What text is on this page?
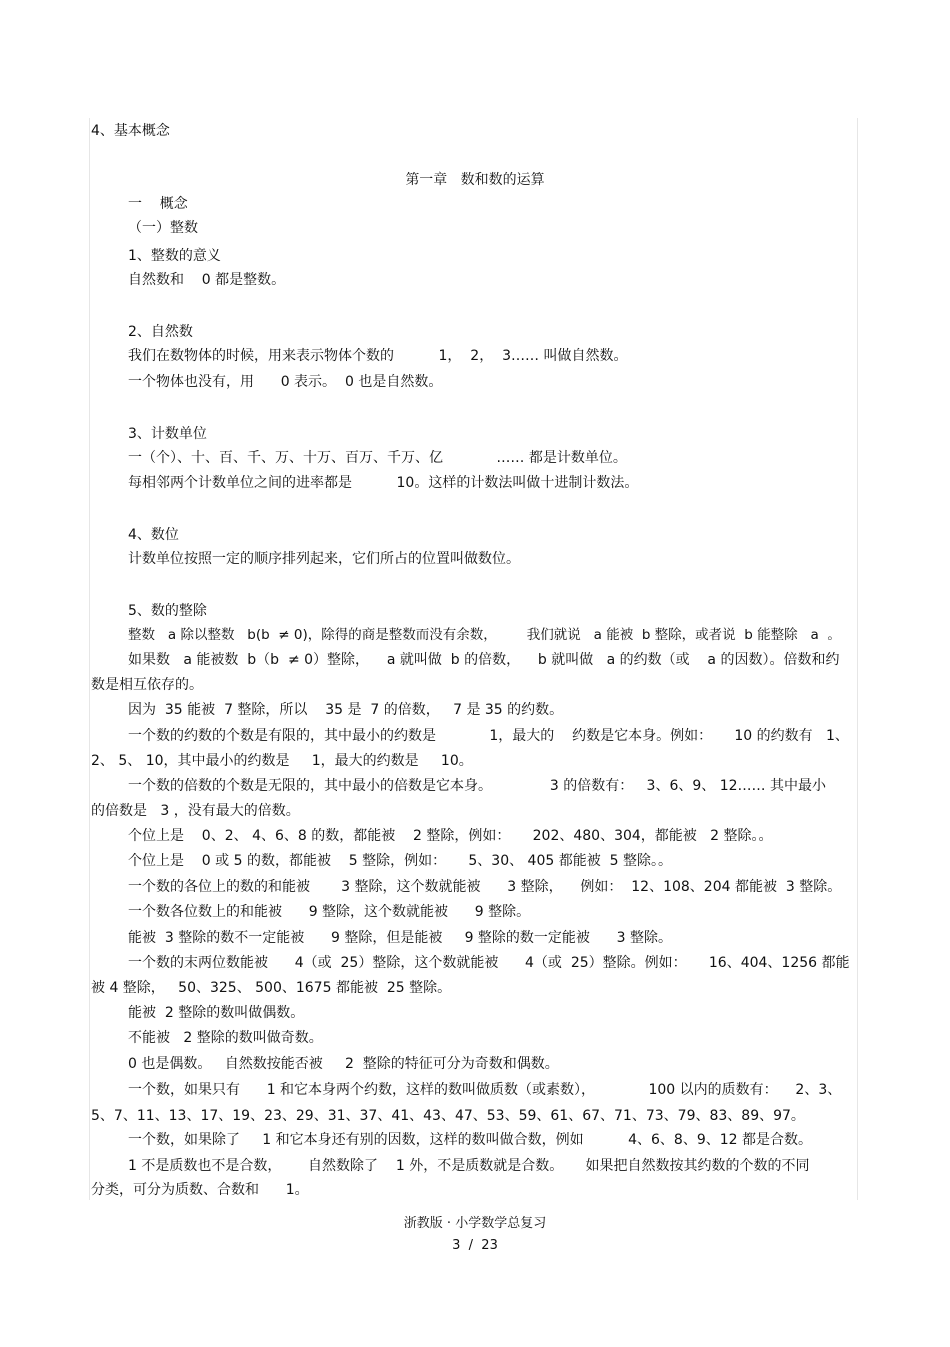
4、基本概念
第一章   数和数的运算
一    概念
（一）整数
1、整数的意义
自然数和    0 都是整数。
2、自然数
我们在数物体的时候，用来表示物体个数的          1，  2，  3…… 叫做自然数。
一个物体也没有，用      0 表示。  0 也是自然数。
3、计数单位
一（个）、十、百、千、万、十万、百万、千万、亿            …… 都是计数单位。
每相邻两个计数单位之间的进率都是          10。这样的计数法叫做十进制计数法。
4、数位
计数单位按照一定的顺序排列起来，它们所占的位置叫做数位。
5、数的整除
整数   a 除以整数   b(b  ≠ 0)，除得的商是整数而没有余数，       我们就说   a 能被  b 整除，或者说  b 能整除   a  。
如果数   a 能被数  b（b  ≠ 0）整除，    a 就叫做  b 的倍数，    b 就叫做   a 的约数（或    a 的因数）。倍数和约
数是相互依存的。
因为  35 能被  7 整除，所以    35 是  7 的倍数，   7 是 35 的约数。
一个数的约数的个数是有限的，其中最小的约数是            1，最大的    约数是它本身。例如：     10 的约数有   1、
2、 5、 10，其中最小的约数是     1，最大的约数是     10。
一个数的倍数的个数是无限的，其中最小的倍数是它本身。             3 的倍数有：   3、6、9、 12…… 其中最小
的倍数是   3 ，没有最大的倍数。
个位上是    0、2、 4、6、8 的数，都能被    2 整除，例如：     202、480、304，都能被   2 整除。。
个位上是    0 或 5 的数，都能被    5 整除，例如：     5、30、 405 都能被  5 整除。。
一个数的各位上的数的和能被       3 整除，这个数就能被      3 整除，    例如：  12、108、204 都能被  3 整除。
一个数各位数上的和能被      9 整除，这个数就能被      9 整除。
能被  3 整除的数不一定能被      9 整除，但是能被     9 整除的数一定能被      3 整除。
一个数的末两位数能被      4（或  25）整除，这个数就能被      4（或  25）整除。例如：     16、404、1256 都能
被 4 整除，   50、325、 500、1675 都能被  25 整除。
能被  2 整除的数叫做偶数。
不能被   2 整除的数叫做奇数。
0 也是偶数。   自然数按能否被     2  整除的特征可分为奇数和偶数。
一个数，如果只有      1 和它本身两个约数，这样的数叫做质数（或素数），            100 以内的质数有：    2、3、
5、7、11、13、17、19、23、29、31、37、41、43、47、53、59、61、67、71、73、79、83、89、97。
一个数，如果除了     1 和它本身还有别的因数，这样的数叫做合数，例如          4、6、8、9、12 都是合数。
1 不是质数也不是合数，      自然数除了    1 外，不是质数就是合数。     如果把自然数按其约数的个数的不同
分类，可分为质数、合数和      1。
浙教版 · 小学数学总复习
3  /  23
